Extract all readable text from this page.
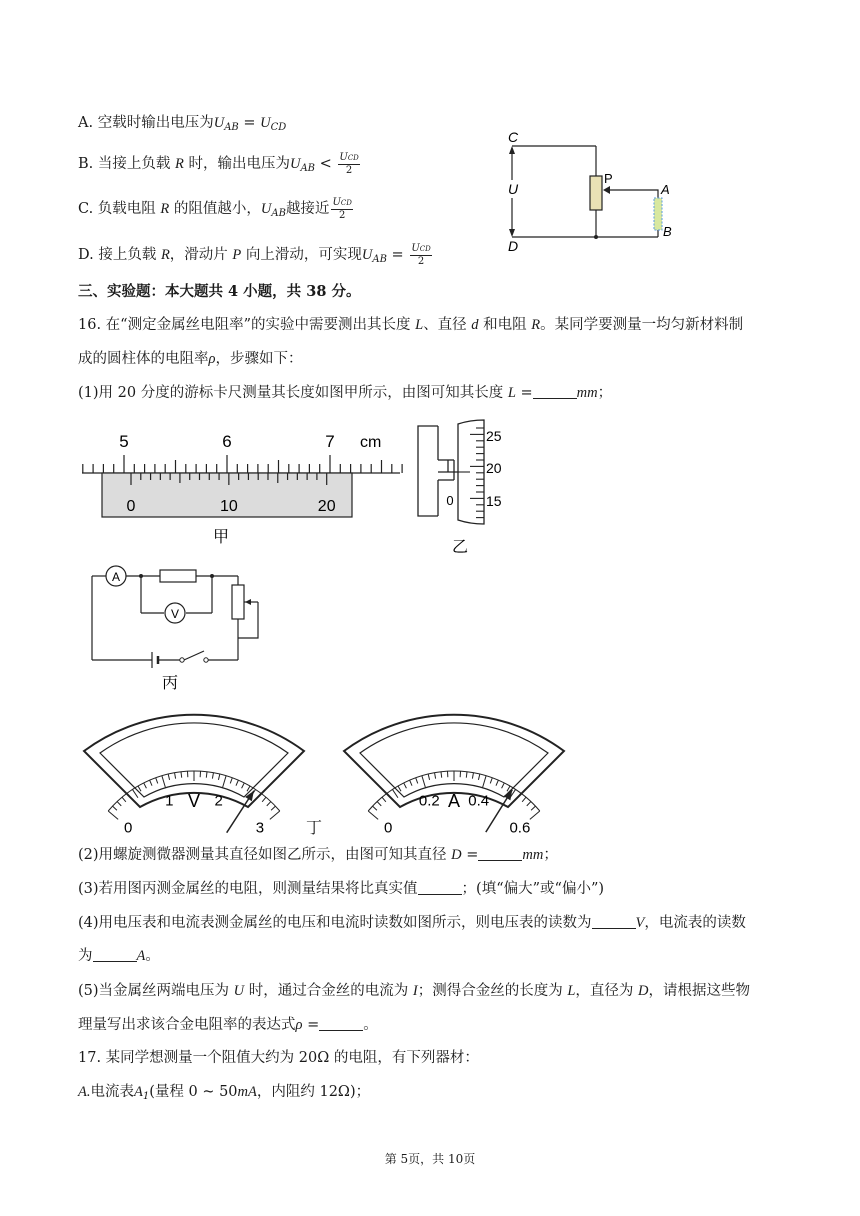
A. 空载时输出电压为$U_{AB} = U_{CD}$
B. 当接上负载 R 时，输出电压为$U_{AB} < \frac{\text{UCD}}{2}$
C. 负载电阻 R 的阻值越小，$U_{AB}$越接近 $\frac{\text{UCD}}{2}$
D. 接上负载 R，滑动片 P 向上滑动，可实现$U_{AB} = \frac{\text{UCD}}{2}$
C
D
U
P
A
B
三、实验题：本大题共 4 小题，共 38 分。
16. 在“测定金属丝电阻率”的实验中需要测出其长度 L、直径 d 和电阻 R。某同学要测量一均匀新材料制
成的圆柱体的电阻率ρ，步骤如下：
(1)用 20 分度的游标卡尺测量其长度如图甲所示，由图可知其长度 L =	mm；
5	6	7 cm
0	10	20
甲
0
25
20
15
乙
A
V
丙
0
1	2
3
V
0
0.2 0.4
0.6
A
丁
(2)用螺旋测微器测量其直径如图乙所示，由图可知其直径 D =	mm；
(3)若用图丙测金属丝的电阻，则测量结果将比真实值	；(填“偏大”或“偏小”)
(4)用电压表和电流表测金属丝的电压和电流时读数如图所示，则电压表的读数为	V，电流表的读数
为	A。
(5)当金属丝两端电压为 U 时，通过合金丝的电流为 I；测得合金丝的长度为 L，直径为 D，请根据这些物
理量写出求该合金电阻率的表达式ρ =	。
17. 某同学想测量一个阻值大约为 20Ω 的电阻，有下列器材：
A.电流表$A_1$(量程 0 ~ 50mA，内阻约 12Ω)；
第 5页，共 10页
